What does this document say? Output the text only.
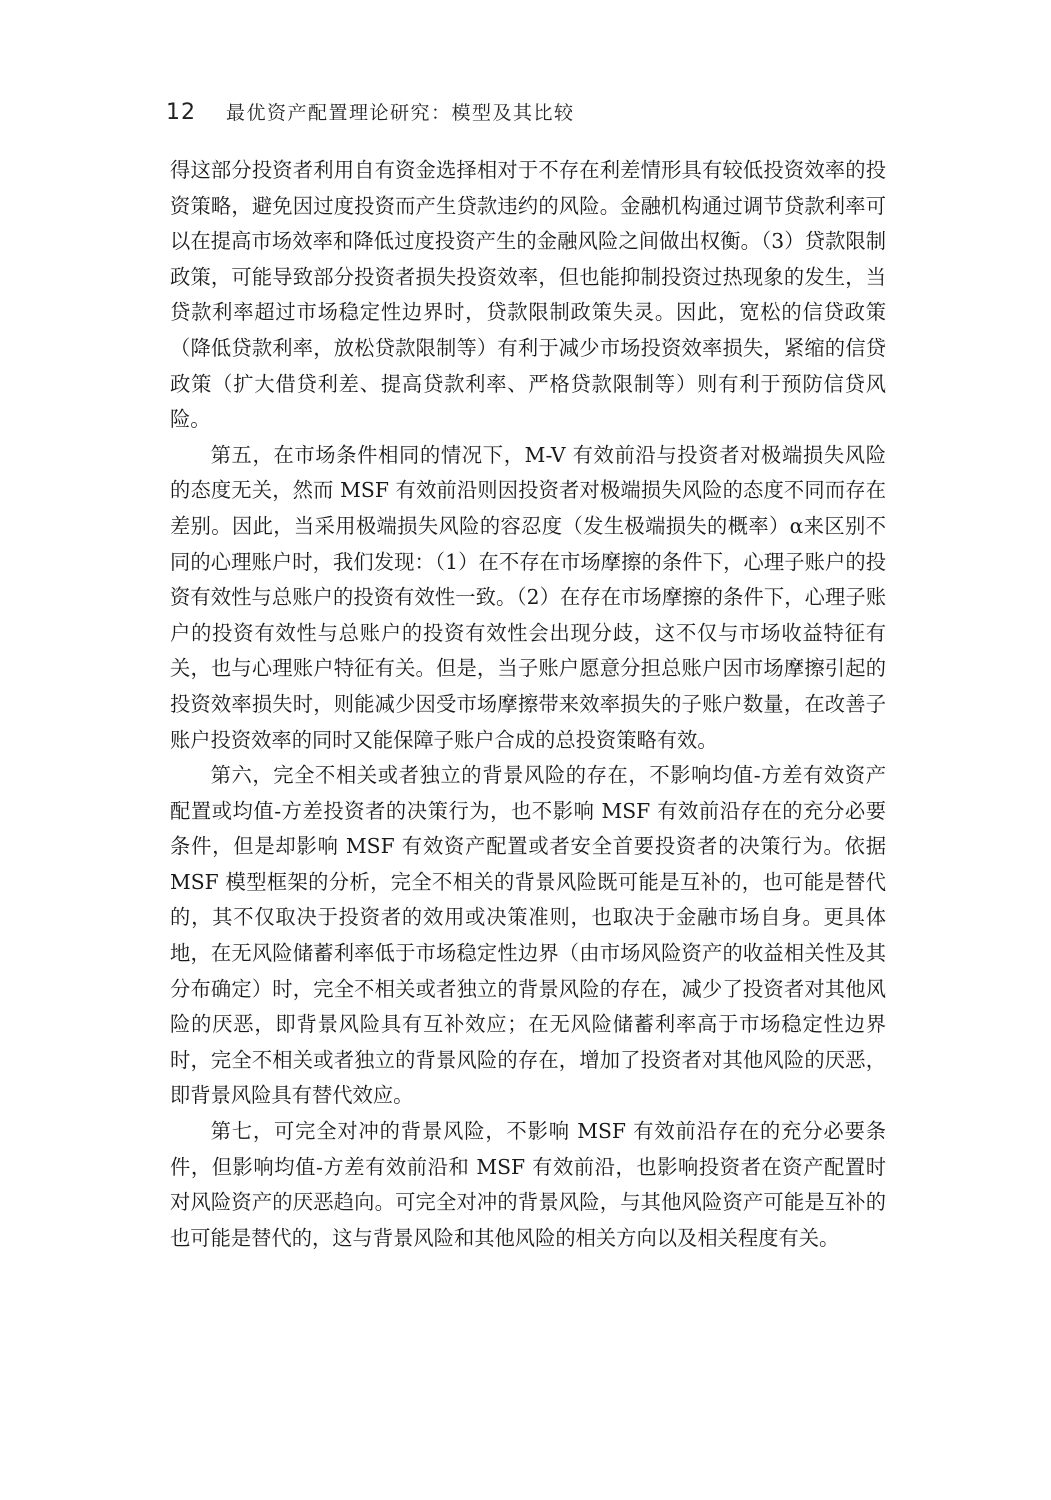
12 最优资产配置理论研究：模型及其比较

得这部分投资者利用自有资金选择相对于不存在利差情形具有较低投资效率的投资策略，避免因过度投资而产生贷款违约的风险。金融机构通过调节贷款利率可以在提高市场效率和降低过度投资产生的金融风险之间做出权衡。（3）贷款限制政策，可能导致部分投资者损失投资效率，但也能抑制投资过热现象的发生，当贷款利率超过市场稳定性边界时，贷款限制政策失灵。因此，宽松的信贷政策（降低贷款利率，放松贷款限制等）有利于减少市场投资效率损失，紧缩的信贷政策（扩大借贷利差、提高贷款利率、严格贷款限制等）则有利于预防信贷风险。

第五，在市场条件相同的情况下，M-V 有效前沿与投资者对极端损失风险的态度无关，然而 MSF 有效前沿则因投资者对极端损失风险的态度不同而存在差别。因此，当采用极端损失风险的容忍度（发生极端损失的概率）α来区别不同的心理账户时，我们发现：（1）在不存在市场摩擦的条件下，心理子账户的投资有效性与总账户的投资有效性一致。（2）在存在市场摩擦的条件下，心理子账户的投资有效性与总账户的投资有效性会出现分歧，这不仅与市场收益特征有关，也与心理账户特征有关。但是，当子账户愿意分担总账户因市场摩擦引起的投资效率损失时，则能减少因受市场摩擦带来效率损失的子账户数量，在改善子账户投资效率的同时又能保障子账户合成的总投资策略有效。

第六，完全不相关或者独立的背景风险的存在，不影响均值-方差有效资产配置或均值-方差投资者的决策行为，也不影响 MSF 有效前沿存在的充分必要条件，但是却影响 MSF 有效资产配置或者安全首要投资者的决策行为。依据 MSF 模型框架的分析，完全不相关的背景风险既可能是互补的，也可能是替代的，其不仅取决于投资者的效用或决策准则，也取决于金融市场自身。更具体地，在无风险储蓄利率低于市场稳定性边界（由市场风险资产的收益相关性及其分布确定）时，完全不相关或者独立的背景风险的存在，减少了投资者对其他风险的厌恶，即背景风险具有互补效应；在无风险储蓄利率高于市场稳定性边界时，完全不相关或者独立的背景风险的存在，增加了投资者对其他风险的厌恶，即背景风险具有替代效应。

第七，可完全对冲的背景风险，不影响 MSF 有效前沿存在的充分必要条件，但影响均值-方差有效前沿和 MSF 有效前沿，也影响投资者在资产配置时对风险资产的厌恶趋向。可完全对冲的背景风险，与其他风险资产可能是互补的也可能是替代的，这与背景风险和其他风险的相关方向以及相关程度有关。
